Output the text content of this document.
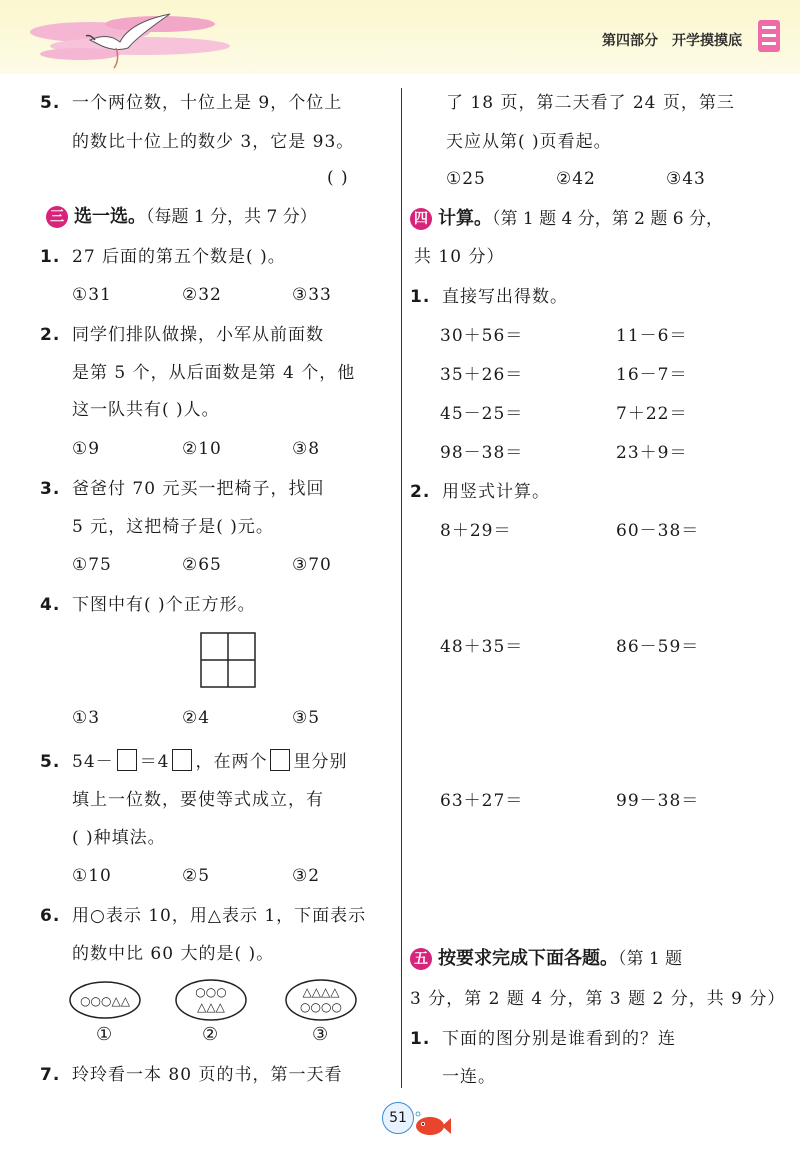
第四部分 开学摸摸底
5. 一个两位数，十位上是 9，个位上
的数比十位上的数少 3，它是 93。
( )
三 选一选。（每题 1 分，共 7 分）
1. 27 后面的第五个数是( )。
①31	②32	③33
2. 同学们排队做操，小军从前面数
是第 5 个，从后面数是第 4 个，他
这一队共有( )人。
①9	②10	③8
3. 爸爸付 70 元买一把椅子，找回
5 元，这把椅子是( )元。
①75	②65	③70
4. 下图中有( )个正方形。
①3	②4	③5
5. 54－ ＝4 ，在两个 里分别
填上一位数，要使等式成立，有
( )种填法。
①10	②5	③2
6. 用○表示 10，用△表示 1，下面表示
的数中比 60 大的是( )。
○○○△△
○○○
△△△
△△△△
○○○○
①	②	③
7. 玲玲看一本 80 页的书，第一天看
了 18 页，第二天看了 24 页，第三
天应从第( )页看起。
①25	②42	③43
四 计算。（第 1 题 4 分，第 2 题 6 分，
共 10 分）
1. 直接写出得数。
30＋56＝	11－6＝
35＋26＝	16－7＝
45－25＝	7＋22＝
98－38＝	23＋9＝
2. 用竖式计算。
8＋29＝	60－38＝
48＋35＝	86－59＝
63＋27＝	99－38＝
五 按要求完成下面各题。（第 1 题
3 分，第 2 题 4 分，第 3 题 2 分，共 9 分）
1. 下面的图分别是谁看到的？连
一连。
51
